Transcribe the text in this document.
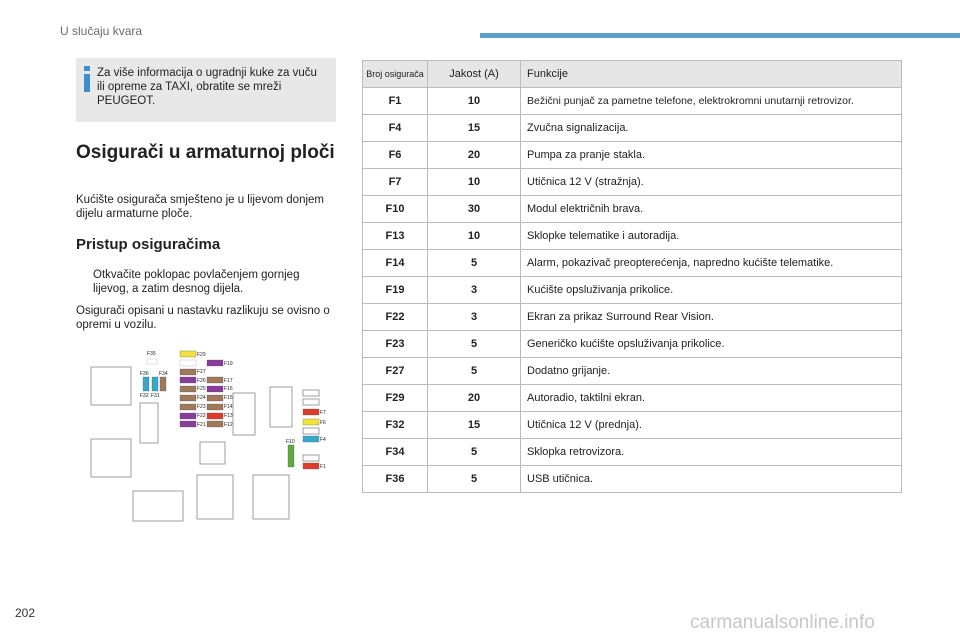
U slučaju kvara
Za više informacija o ugradnji kuke za vuču ili opreme za TAXI, obratite se mreži PEUGEOT.
Osigurači u armaturnoj ploči
Kućište osigurača smješteno je u lijevom donjem dijelu armaturne ploče.
Pristup osiguračima
Otkvačite poklopac povlačenjem gornjeg lijevog, a zatim desnog dijela.
Osigurači opisani u nastavku razlikuju se ovisno o opremi u vozilu.
F35	F29
F19
F36 F34	F27
F26	F17
F32 F31
F25	F16
F24	F15
F23	F14
F22	F13
F21	F12
F7
F6
F10	F4
F1
Broj osigurača	Jakost (A)	Funkcije
F1	10	Bežični punjač za pametne telefone, elektrokromni unutarnji retrovizor.
F4	15	Zvučna signalizacija.
F6	20	Pumpa za pranje stakla.
F7	10	Utičnica 12 V (stražnja).
F10	30	Modul električnih brava.
F13	10	Sklopke telematike i autoradija.
F14	5	Alarm, pokazivač preopterećenja, napredno kućište telematike.
F19	3	Kućište opsluživanja prikolice.
F22	3	Ekran za prikaz Surround Rear Vision.
F23	5	Generičko kućište opsluživanja prikolice.
F27	5	Dodatno grijanje.
F29	20	Autoradio, taktilni ekran.
F32	15	Utičnica 12 V (prednja).
F34	5	Sklopka retrovizora.
F36	5	USB utičnica.
202	carmanualsonline.info
